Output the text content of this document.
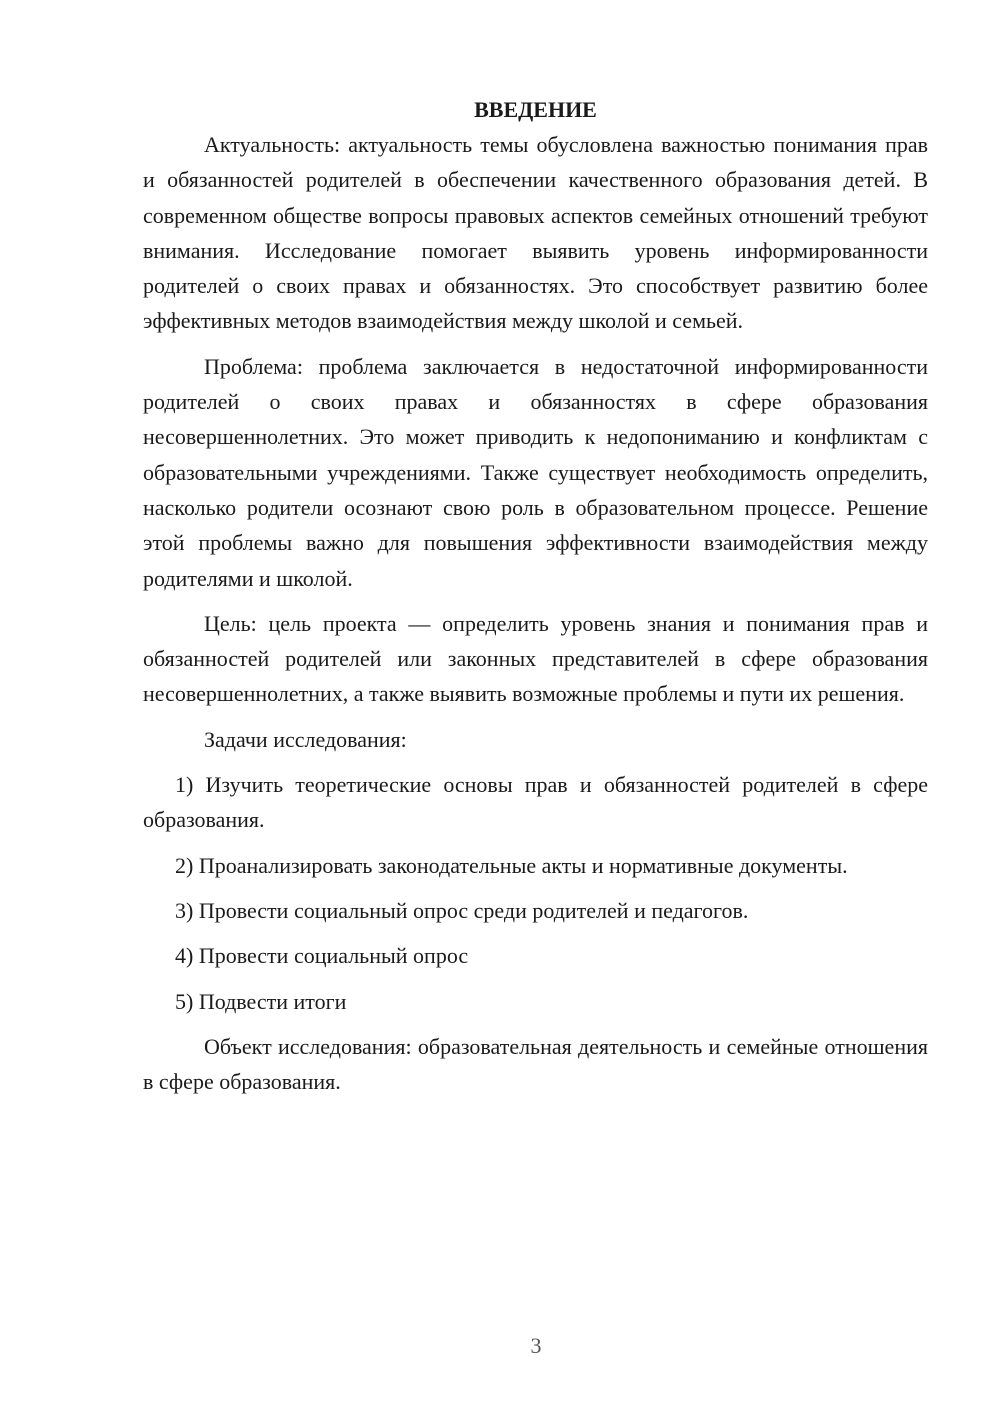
ВВЕДЕНИЕ

Актуальность: актуальность темы обусловлена важностью понимания прав и обязанностей родителей в обеспечении качественного образования детей. В современном обществе вопросы правовых аспектов семейных отношений требуют внимания. Исследование помогает выявить уровень информированности родителей о своих правах и обязанностях. Это способствует развитию более эффективных методов взаимодействия между школой и семьей.

Проблема: проблема заключается в недостаточной информированности родителей о своих правах и обязанностях в сфере образования несовершеннолетних. Это может приводить к недопониманию и конфликтам с образовательными учреждениями. Также существует необходимость определить, насколько родители осознают свою роль в образовательном процессе. Решение этой проблемы важно для повышения эффективности взаимодействия между родителями и школой.

Цель: цель проекта — определить уровень знания и понимания прав и обязанностей родителей или законных представителей в сфере образования несовершеннолетних, а также выявить возможные проблемы и пути их решения.

Задачи исследования:

1) Изучить теоретические основы прав и обязанностей родителей в сфере образования.

2) Проанализировать законодательные акты и нормативные документы.

3) Провести социальный опрос среди родителей и педагогов.

4) Провести социальный опрос

5) Подвести итоги

Объект исследования: образовательная деятельность и семейные отношения в сфере образования.

3
